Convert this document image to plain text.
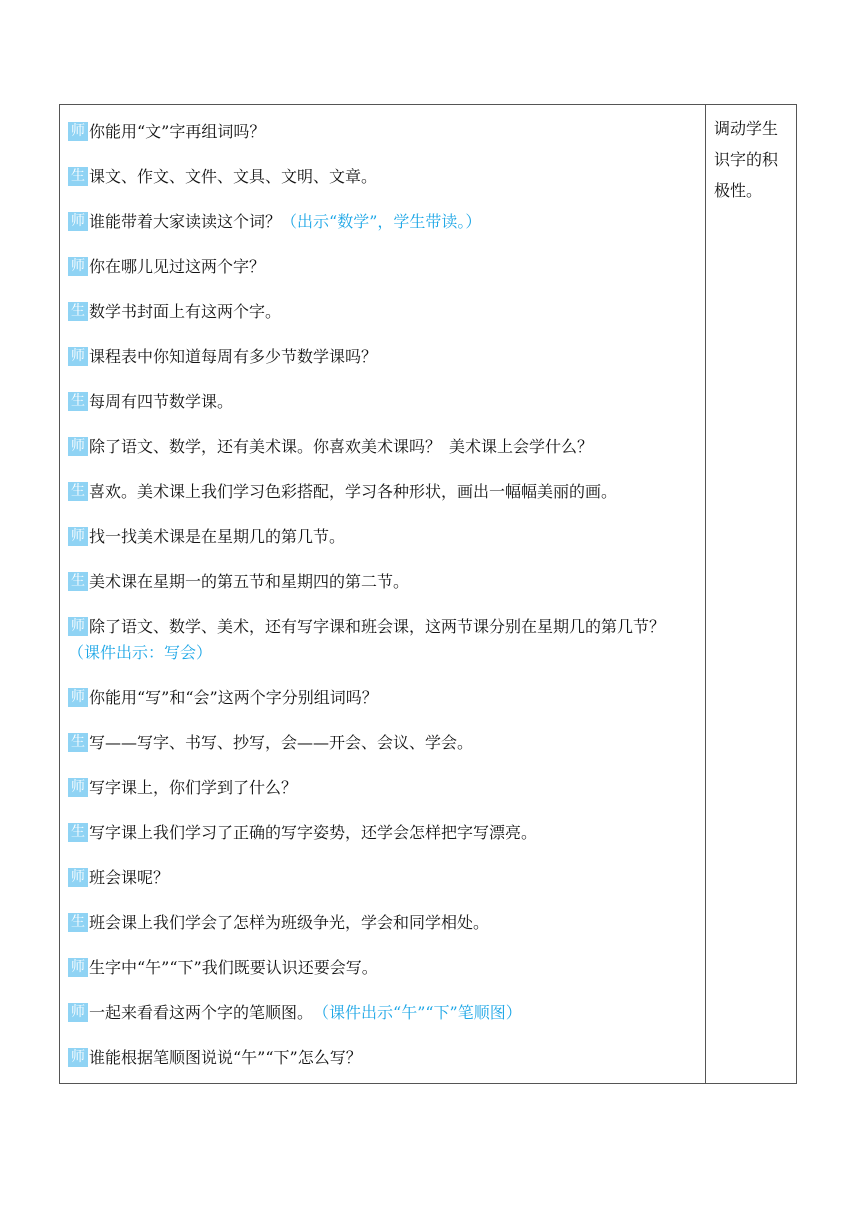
师 你能用“文”字再组词吗？
生 课文、作文、文件、文具、文明、文章。
师 谁能带着大家读读这个词？ （出示“数学”，学生带读。）
师 你在哪儿见过这两个字？
生 数学书封面上有这两个字。
师 课程表中你知道每周有多少节数学课吗？
生 每周有四节数学课。
师 除了语文、数学，还有美术课。你喜欢美术课吗？ 美术课上会学什么？
生 喜欢。美术课上我们学习色彩搭配，学习各种形状，画出一幅幅美丽的画。
师 找一找美术课是在星期几的第几节。
生 美术课在星期一的第五节和星期四的第二节。
师 除了语文、数学、美术，还有写字课和班会课，这两节课分别在星期几的第几节？
（课件出示：写会）
师 你能用“写”和“会”这两个字分别组词吗？
生 写——写字、书写、抄写，会——开会、会议、学会。
师 写字课上，你们学到了什么？
生 写字课上我们学习了正确的写字姿势，还学会怎样把字写漂亮。
师 班会课呢？
生 班会课上我们学会了怎样为班级争光，学会和同学相处。
师 生字中“午”“下”我们既要认识还要会写。
师 一起来看看这两个字的笔顺图。 （课件出示“午”“下”笔顺图）
师 谁能根据笔顺图说说“午”“下”怎么写？
调动学生
识字的积
极性。
